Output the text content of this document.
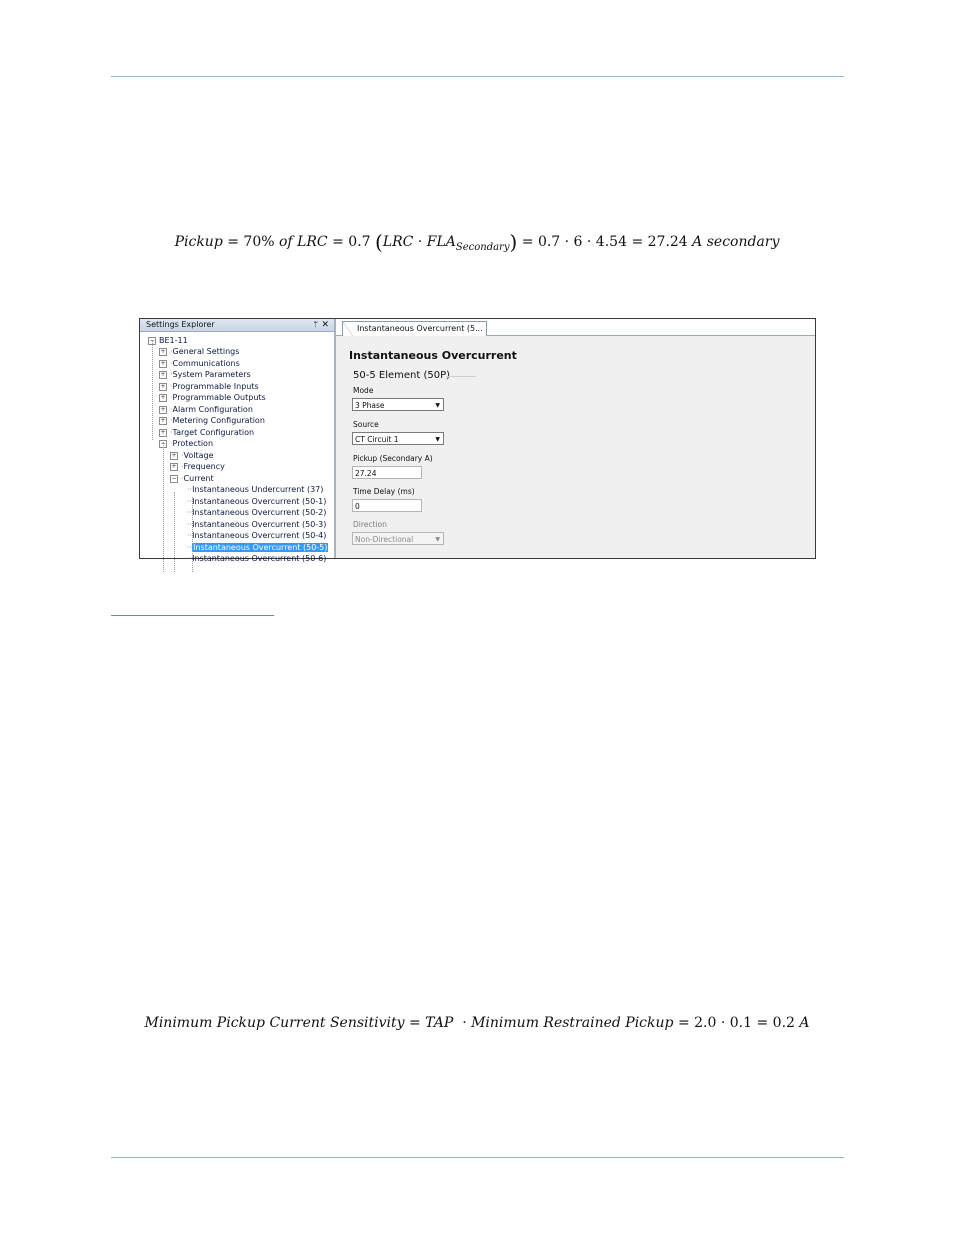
Pickup = 70% of LRC = 0.7 $(LRC \cdot FLA_{Secondary}) = 0.7 \cdot 6 \cdot 4.54 = 27.24$ A secondary
Settings Explorer	ᛘ ✕
− BE1-11
+ ·General Settings
+ ·Communications
+ ·System Parameters
+ ·Programmable Inputs
+ ·Programmable Outputs
+ ·Alarm Configuration
+ ·Metering Configuration
+ ·Target Configuration
− ·Protection
+ ·Voltage
+ ·Frequency
− ·Current
··Instantaneous Undercurrent (37)
··Instantaneous Overcurrent (50-1)
··Instantaneous Overcurrent (50-2)
··Instantaneous Overcurrent (50-3)
··Instantaneous Overcurrent (50-4)
··Instantaneous Overcurrent (50-5)
··Instantaneous Overcurrent (50-6)
Instantaneous Overcurrent (5...
Instantaneous Overcurrent
50-5 Element (50P)
Mode
3 Phase	▼
Source
CT Circuit 1	▼
Pickup (Secondary A)
27.24
Time Delay (ms)
0
Direction
Non-Directional	▼
Minimum Pickup Current Sensitivity = TAP · Minimum Restrained Pickup = 2.0 · 0.1 = 0.2 A
